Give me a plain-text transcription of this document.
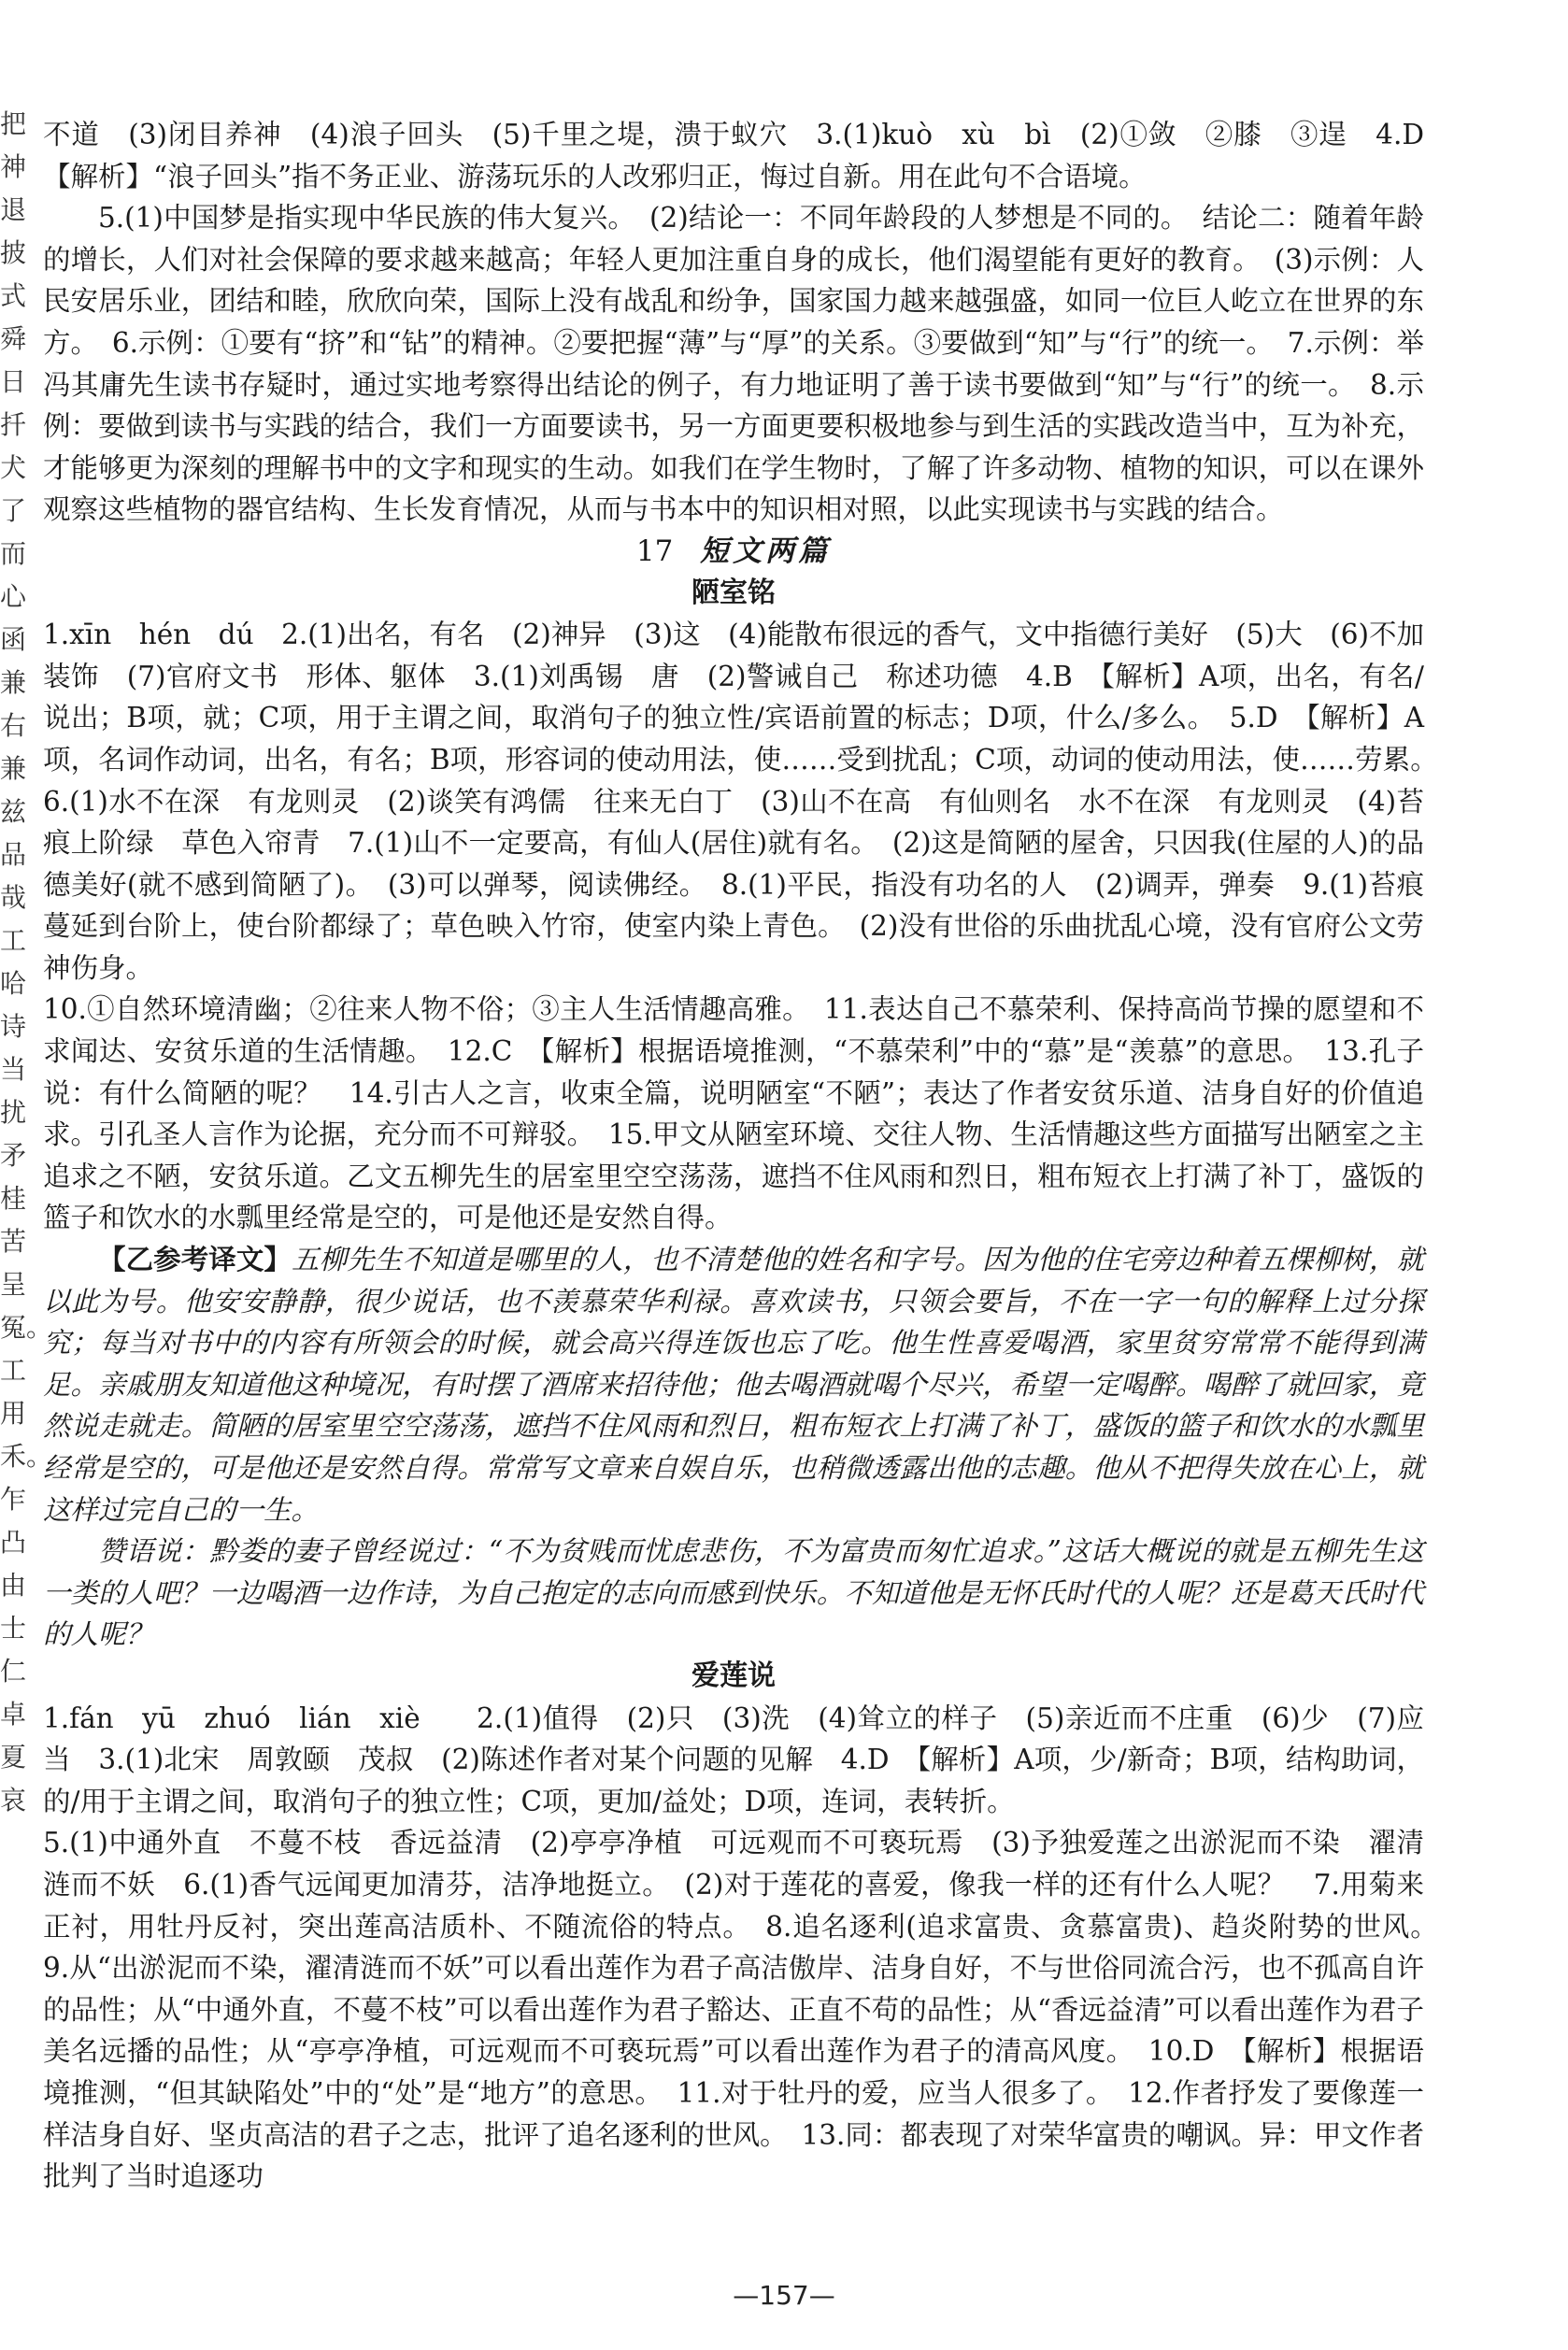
把神退披式舜日扦犬了而心函兼右兼兹品哉工哈诗当扰矛桂苦呈冤。工用禾。乍凸由士仁卓夏哀

不道　(3)闭目养神　(4)浪子回头　(5)千里之堤，溃于蚁穴　3.(1)kuò　xù　bì　(2)①敛　②膝　③逞　4.D　【解析】“浪子回头”指不务正业、游荡玩乐的人改邪归正，悔过自新。用在此句不合语境。

5.(1)中国梦是指实现中华民族的伟大复兴。　(2)结论一：不同年龄段的人梦想是不同的。　结论二：随着年龄的增长，人们对社会保障的要求越来越高；年轻人更加注重自身的成长，他们渴望能有更好的教育。　(3)示例：人民安居乐业，团结和睦，欣欣向荣，国际上没有战乱和纷争，国家国力越来越强盛，如同一位巨人屹立在世界的东方。　6.示例：①要有“挤”和“钻”的精神。②要把握“薄”与“厚”的关系。③要做到“知”与“行”的统一。　7.示例：举冯其庸先生读书存疑时，通过实地考察得出结论的例子，有力地证明了善于读书要做到“知”与“行”的统一。　8.示例：要做到读书与实践的结合，我们一方面要读书，另一方面更要积极地参与到生活的实践改造当中，互为补充，才能够更为深刻的理解书中的文字和现实的生动。如我们在学生物时，了解了许多动物、植物的知识，可以在课外观察这些植物的器官结构、生长发育情况，从而与书本中的知识相对照，以此实现读书与实践的结合。

17 短文两篇
陋室铭

1.xīn　hén　dú　2.(1)出名，有名　(2)神异　(3)这　(4)能散布很远的香气，文中指德行美好　(5)大　(6)不加装饰　(7)官府文书　形体、躯体　3.(1)刘禹锡　唐　(2)警诫自己　称述功德　4.B　【解析】A项，出名，有名/说出；B项，就；C项，用于主谓之间，取消句子的独立性/宾语前置的标志；D项，什么/多么。　5.D　【解析】A项，名词作动词，出名，有名；B项，形容词的使动用法，使……受到扰乱；C项，动词的使动用法，使……劳累。　6.(1)水不在深　有龙则灵　(2)谈笑有鸿儒　往来无白丁　(3)山不在高　有仙则名　水不在深　有龙则灵　(4)苔痕上阶绿　草色入帘青　7.(1)山不一定要高，有仙人(居住)就有名。　(2)这是简陋的屋舍，只因我(住屋的人)的品德美好(就不感到简陋了)。　(3)可以弹琴，阅读佛经。　8.(1)平民，指没有功名的人　(2)调弄，弹奏　9.(1)苔痕蔓延到台阶上，使台阶都绿了；草色映入竹帘，使室内染上青色。　(2)没有世俗的乐曲扰乱心境，没有官府公文劳神伤身。

10.①自然环境清幽；②往来人物不俗；③主人生活情趣高雅。　11.表达自己不慕荣利、保持高尚节操的愿望和不求闻达、安贫乐道的生活情趣。　12.C　【解析】根据语境推测，“不慕荣利”中的“慕”是“羡慕”的意思。　13.孔子说：有什么简陋的呢？　14.引古人之言，收束全篇，说明陋室“不陋”；表达了作者安贫乐道、洁身自好的价值追求。引孔圣人言作为论据，充分而不可辩驳。　15.甲文从陋室环境、交往人物、生活情趣这些方面描写出陋室之主追求之不陋，安贫乐道。乙文五柳先生的居室里空空荡荡，遮挡不住风雨和烈日，粗布短衣上打满了补丁，盛饭的篮子和饮水的水瓢里经常是空的，可是他还是安然自得。

【乙参考译文】五柳先生不知道是哪里的人，也不清楚他的姓名和字号。因为他的住宅旁边种着五棵柳树，就以此为号。他安安静静，很少说话，也不羡慕荣华利禄。喜欢读书，只领会要旨，不在一字一句的解释上过分探究；每当对书中的内容有所领会的时候，就会高兴得连饭也忘了吃。他生性喜爱喝酒，家里贫穷常常不能得到满足。亲戚朋友知道他这种境况，有时摆了酒席来招待他；他去喝酒就喝个尽兴，希望一定喝醉。喝醉了就回家，竟然说走就走。简陋的居室里空空荡荡，遮挡不住风雨和烈日，粗布短衣上打满了补丁，盛饭的篮子和饮水的水瓢里经常是空的，可是他还是安然自得。常常写文章来自娱自乐，也稍微透露出他的志趣。他从不把得失放在心上，就这样过完自己的一生。

赞语说：黔娄的妻子曾经说过：“不为贫贱而忧虑悲伤，不为富贵而匆忙追求。”这话大概说的就是五柳先生这一类的人吧？一边喝酒一边作诗，为自己抱定的志向而感到快乐。不知道他是无怀氏时代的人呢？还是葛天氏时代的人呢？

爱莲说

1.fán　yū　zhuó　lián　xiè　　2.(1)值得　(2)只　(3)洗　(4)耸立的样子　(5)亲近而不庄重　(6)少　(7)应当　3.(1)北宋　周敦颐　茂叔　(2)陈述作者对某个问题的见解　4.D　【解析】A项，少/新奇；B项，结构助词，的/用于主谓之间，取消句子的独立性；C项，更加/益处；D项，连词，表转折。

5.(1)中通外直　不蔓不枝　香远益清　(2)亭亭净植　可远观而不可亵玩焉　(3)予独爱莲之出淤泥而不染　濯清涟而不妖　6.(1)香气远闻更加清芬，洁净地挺立。　(2)对于莲花的喜爱，像我一样的还有什么人呢？　7.用菊来正衬，用牡丹反衬，突出莲高洁质朴、不随流俗的特点。　8.追名逐利(追求富贵、贪慕富贵)、趋炎附势的世风。　9.从“出淤泥而不染，濯清涟而不妖”可以看出莲作为君子高洁傲岸、洁身自好，不与世俗同流合污，也不孤高自许的品性；从“中通外直，不蔓不枝”可以看出莲作为君子豁达、正直不苟的品性；从“香远益清”可以看出莲作为君子美名远播的品性；从“亭亭净植，可远观而不可亵玩焉”可以看出莲作为君子的清高风度。　10.D　【解析】根据语境推测，“但其缺陷处”中的“处”是“地方”的意思。　11.对于牡丹的爱，应当人很多了。　12.作者抒发了要像莲一样洁身自好、坚贞高洁的君子之志，批评了追名逐利的世风。　13.同：都表现了对荣华富贵的嘲讽。异：甲文作者批判了当时追逐功

—157—
